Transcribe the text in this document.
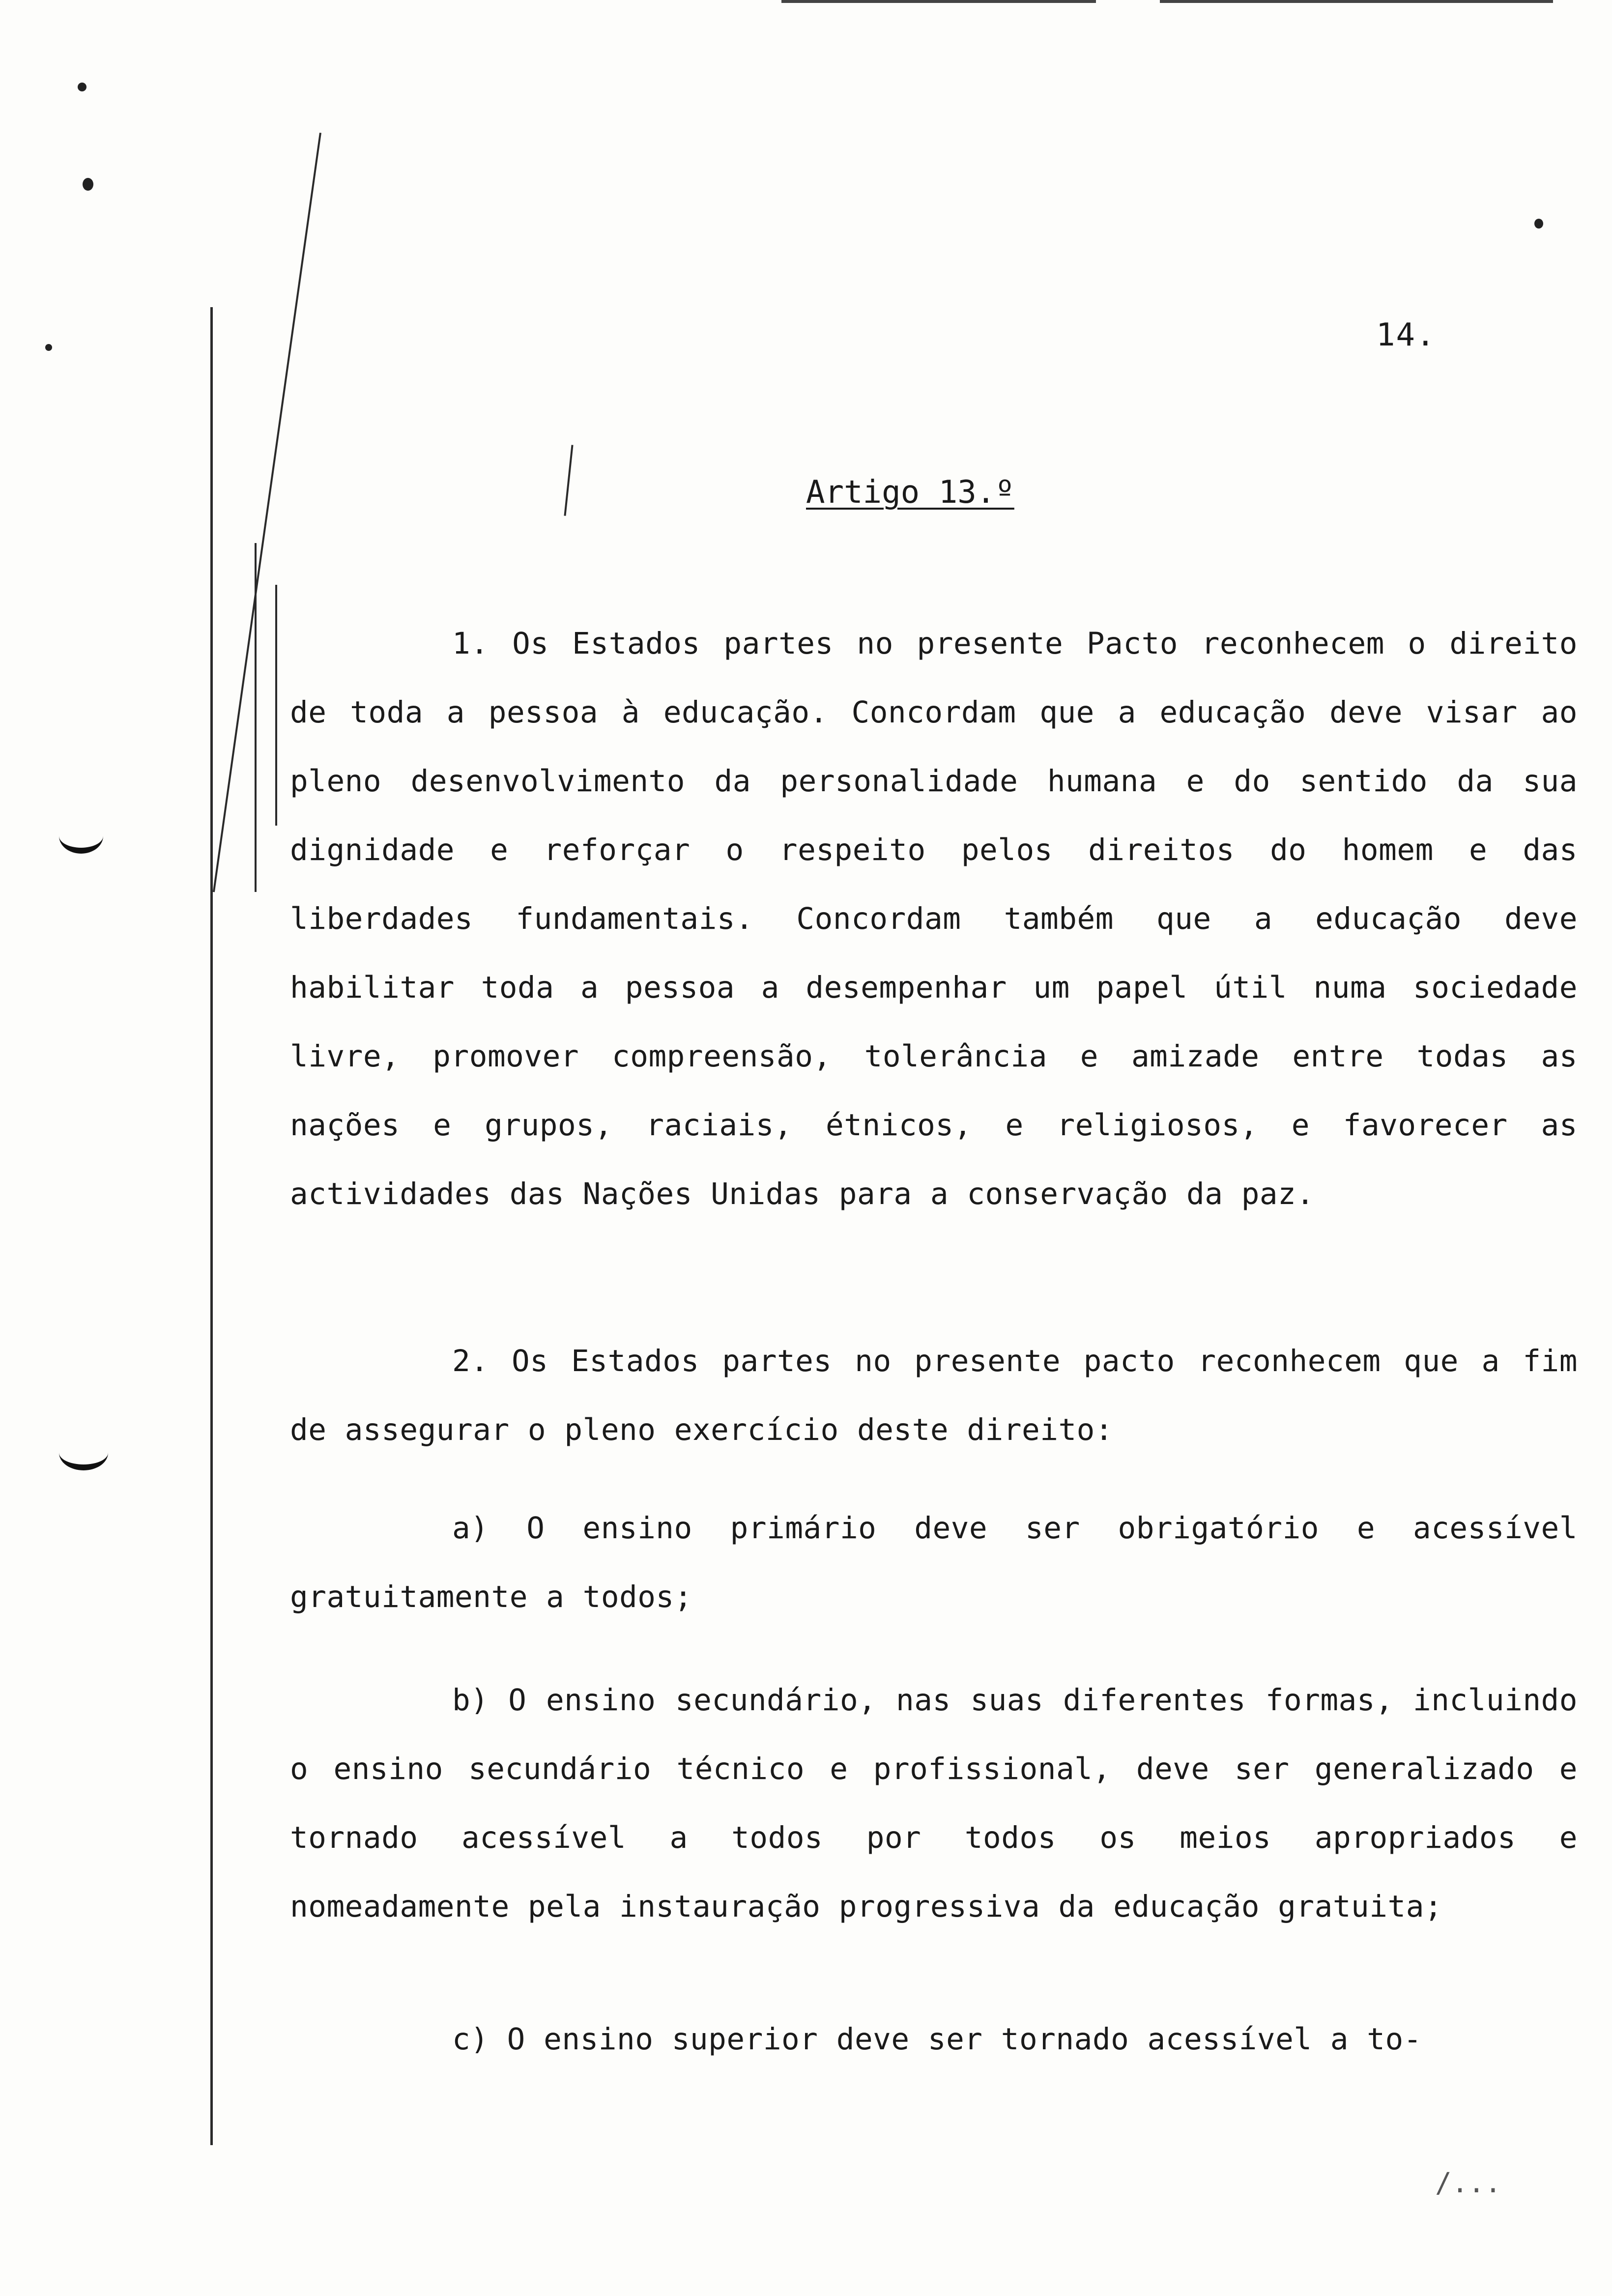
14.
Artigo 13.º

1. Os Estados partes no presente Pacto reconhecem o direito de toda a pessoa à educação. Concordam que a educação deve visar ao pleno desenvolvimento da personalidade humana e do sentido da sua dignidade e reforçar o respeito pelos direitos do homem e das liberdades fundamentais. Concordam também que a educação deve habilitar toda a pessoa a desempenhar um papel útil numa sociedade livre, promover compreensão, tolerância e amizade entre todas as nações e grupos, raciais, étnicos, e religiosos, e favorecer as actividades das Nações Unidas para a conservação da paz.

2. Os Estados partes no presente pacto reconhecem que a fim de assegurar o pleno exercício deste direito:

a) O ensino primário deve ser obrigatório e acessível gratuitamente a todos;

b) O ensino secundário, nas suas diferentes formas, incluindo o ensino secundário técnico e profissional, deve ser generalizado e tornado acessível a todos por todos os meios apropriados e nomeadamente pela instauração progressiva da educação gratuita;

c) O ensino superior deve ser tornado acessível a to-

/...
